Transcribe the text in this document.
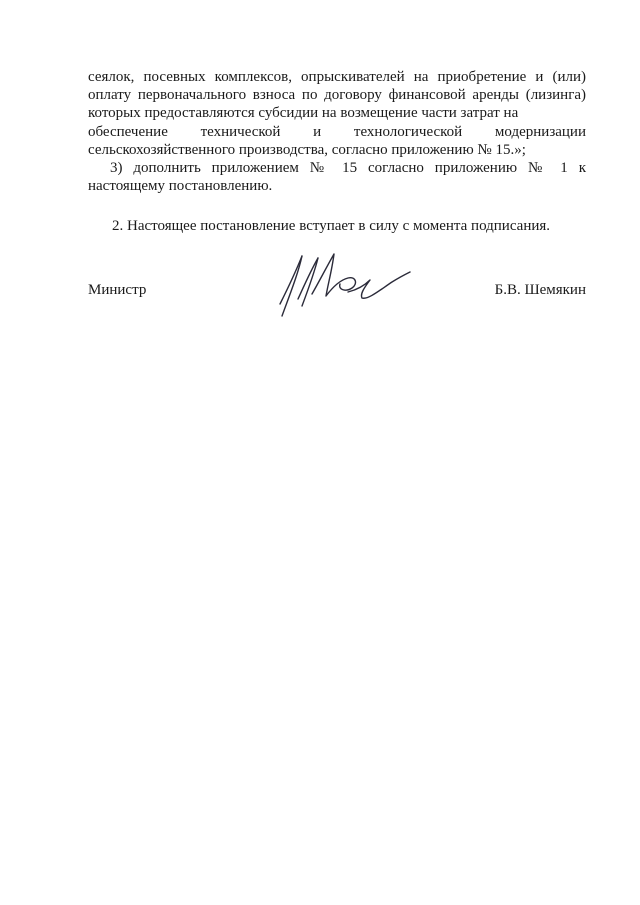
сеялок, посевных комплексов, опрыскивателей на приобретение и (или) оплату первоначального взноса по договору финансовой аренды (лизинга) которых предоставляются субсидии на возмещение части затрат на

обеспечение технической и технологической модернизации

сельскохозяйственного производства, согласно приложению № 15.»;

3) дополнить приложением № 15 согласно приложению № 1 к настоящему постановлению.

2. Настоящее постановление вступает в силу с момента подписания.

Министр	Б.В. Шемякин
